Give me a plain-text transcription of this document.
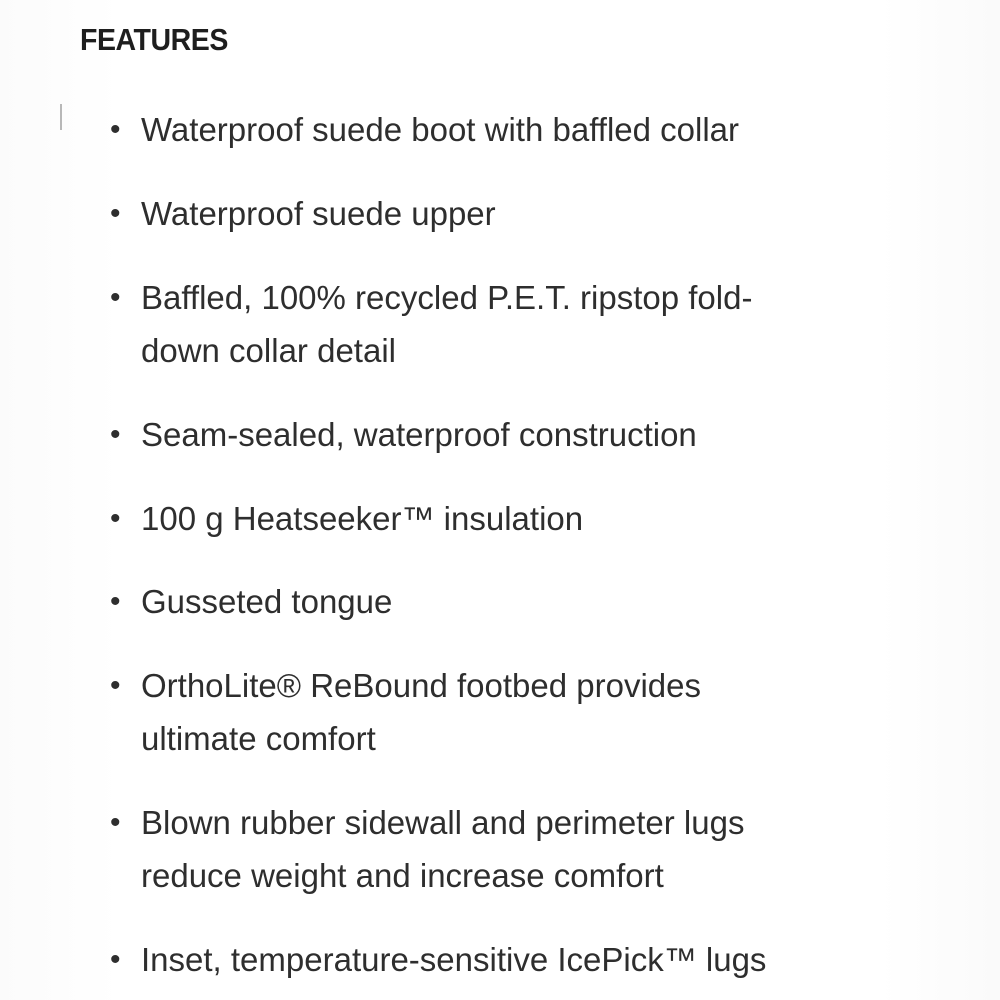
FEATURES
• Waterproof suede boot with baffled collar
• Waterproof suede upper
• Baffled, 100% recycled P.E.T. ripstop fold-
down collar detail
• Seam-sealed, waterproof construction
• 100 g Heatseeker™ insulation
• Gusseted tongue
• OrthoLite® ReBound footbed provides
ultimate comfort
• Blown rubber sidewall and perimeter lugs
reduce weight and increase comfort
• Inset, temperature-sensitive IcePick™ lugs
